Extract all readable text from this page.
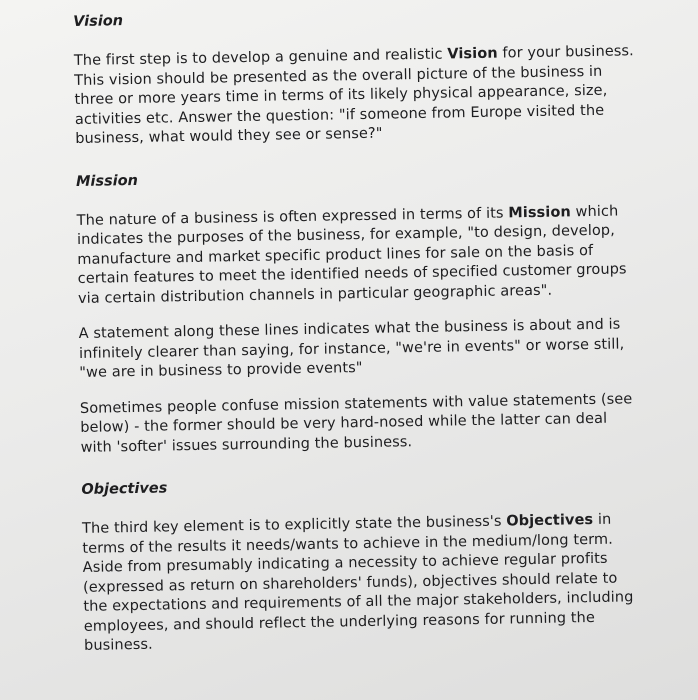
Vision

The first step is to develop a genuine and realistic Vision for your business. This vision should be presented as the overall picture of the business in three or more years time in terms of its likely physical appearance, size, activities etc. Answer the question: "if someone from Europe visited the business, what would they see or sense?"

Mission

The nature of a business is often expressed in terms of its Mission which indicates the purposes of the business, for example, "to design, develop, manufacture and market specific product lines for sale on the basis of certain features to meet the identified needs of specified customer groups via certain distribution channels in particular geographic areas".

A statement along these lines indicates what the business is about and is infinitely clearer than saying, for instance, "we're in events" or worse still, "we are in business to provide events"

Sometimes people confuse mission statements with value statements (see below) - the former should be very hard-nosed while the latter can deal with 'softer' issues surrounding the business.

Objectives

The third key element is to explicitly state the business's Objectives in terms of the results it needs/wants to achieve in the medium/long term. Aside from presumably indicating a necessity to achieve regular profits (expressed as return on shareholders' funds), objectives should relate to the expectations and requirements of all the major stakeholders, including employees, and should reflect the underlying reasons for running the business.
